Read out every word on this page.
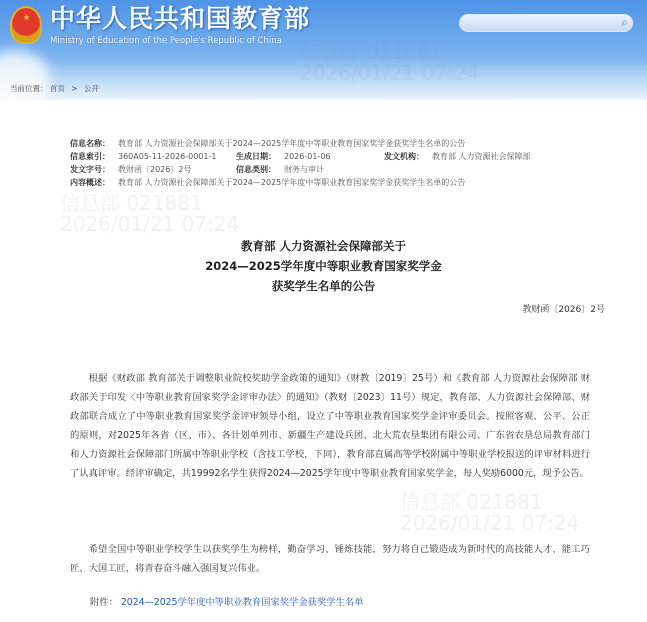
★ 中华人民共和国教育部
Ministry of Education of the People's Republic of China
⌕
当前位置： 首页 > 公开
信息部 021881
2026/01/21 07:24
信息名称： 教育部 人力资源社会保障部关于2024—2025学年度中等职业教育国家奖学金获奖学生名单的公告
信息索引： 360A05-11-2026-0001-1	生成日期： 2026-01-06	发文机构： 教育部 人力资源社会保障部
发文字号： 教财函〔2026〕2号	信息类别： 财务与审计
内容概述： 教育部 人力资源社会保障部关于2024—2025学年度中等职业教育国家奖学金获奖学生名单的公告
信息部 021881
2026/01/21 07:24
教育部 人力资源社会保障部关于
2024—2025学年度中等职业教育国家奖学金
获奖学生名单的公告
教财函〔2026〕2号
根据《财政部 教育部关于调整职业院校奖助学金政策的通知》（财教〔2019〕25号）和《教育部 人力资源社会保障部 财政部关于印发〈中等职业教育国家奖学金评审办法〉的通知》（教财〔2023〕11号）规定，教育部、人力资源社会保障部、财政部联合成立了中等职业教育国家奖学金评审领导小组，设立了中等职业教育国家奖学金评审委员会。按照客观、公平、公正的原则，对2025年各省（区、市）、各计划单列市、新疆生产建设兵团、北大荒农垦集团有限公司、广东省农垦总局教育部门和人力资源社会保障部门所属中等职业学校（含技工学校，下同），教育部直属高等学校附属中等职业学校报送的评审材料进行了认真评审。经评审确定，共19992名学生获得2024—2025学年度中等职业教育国家奖学金，每人奖励6000元，现予公告。
信息部 021881
2026/01/21 07:24
希望全国中等职业学校学生以获奖学生为榜样，勤奋学习、锤炼技能，努力将自己锻造成为新时代的高技能人才、能工巧匠、大国工匠，将青春奋斗融入强国复兴伟业。
附件： 2024—2025学年度中等职业教育国家奖学金获奖学生名单
